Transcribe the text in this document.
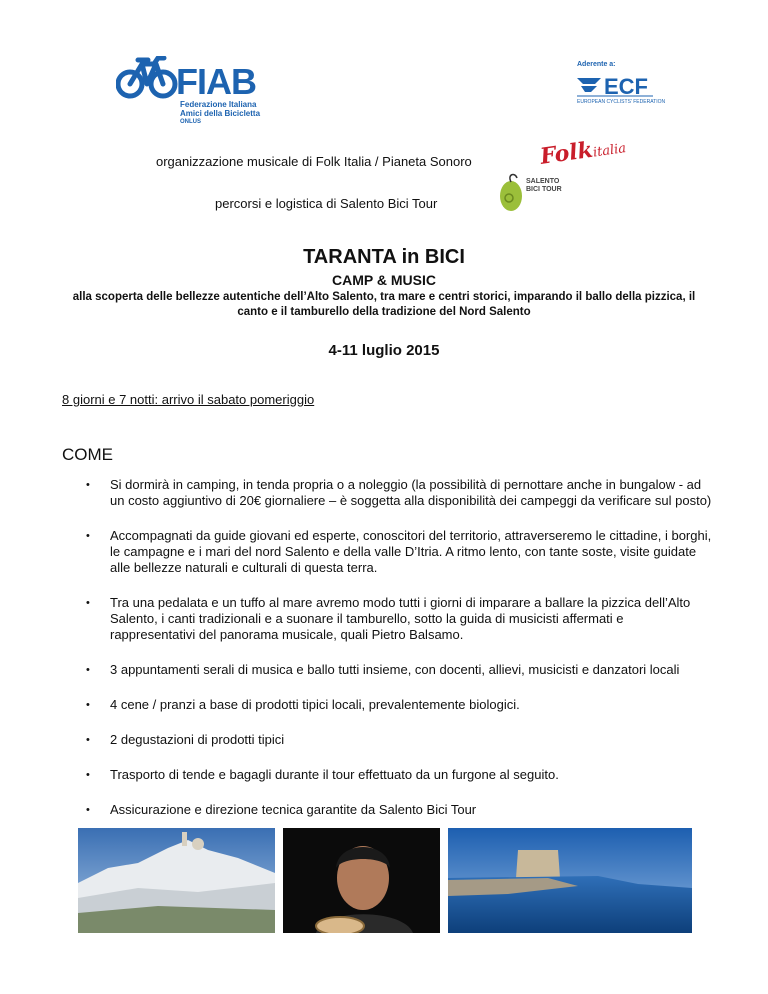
FIAB
Federazione Italiana
Amici della Bicicletta
ONLUS
Aderente a:
ECF
EUROPEAN CYCLISTS' FEDERATION
organizzazione musicale di Folk Italia / Pianeta Sonoro	Folkitalia
percorsi e logistica di Salento Bici Tour
SALENTO
BICI TOUR
TARANTA in BICI
CAMP & MUSIC
alla scoperta delle bellezze autentiche dell’Alto Salento, tra mare e centri storici, imparando il ballo della pizzica, il canto e il tamburello della tradizione del Nord Salento
4-11 luglio 2015
8 giorni e 7 notti: arrivo il sabato pomeriggio
COME
• Si dormirà in camping, in tenda propria o a noleggio (la possibilità di pernottare anche in bungalow - ad un costo aggiuntivo di 20€ giornaliere – è soggetta alla disponibilità dei campeggi da verificare sul posto)
• Accompagnati da guide giovani ed esperte, conoscitori del territorio, attraverseremo le cittadine, i borghi, le campagne e i mari del nord Salento e della valle D’Itria. A ritmo lento, con tante soste, visite guidate alle bellezze naturali e culturali di questa terra.
• Tra una pedalata e un tuffo al mare avremo modo tutti i giorni di imparare a ballare la pizzica dell’Alto Salento, i canti tradizionali e a suonare il tamburello, sotto la guida di musicisti affermati e rappresentativi del panorama musicale, quali Pietro Balsamo.
• 3 appuntamenti serali di musica e ballo tutti insieme, con docenti, allievi, musicisti e danzatori locali
• 4 cene / pranzi a base di prodotti tipici locali, prevalentemente biologici.
• 2 degustazioni di prodotti tipici
• Trasporto di tende e bagagli durante il tour effettuato da un furgone al seguito.
• Assicurazione e direzione tecnica garantite da Salento Bici Tour
